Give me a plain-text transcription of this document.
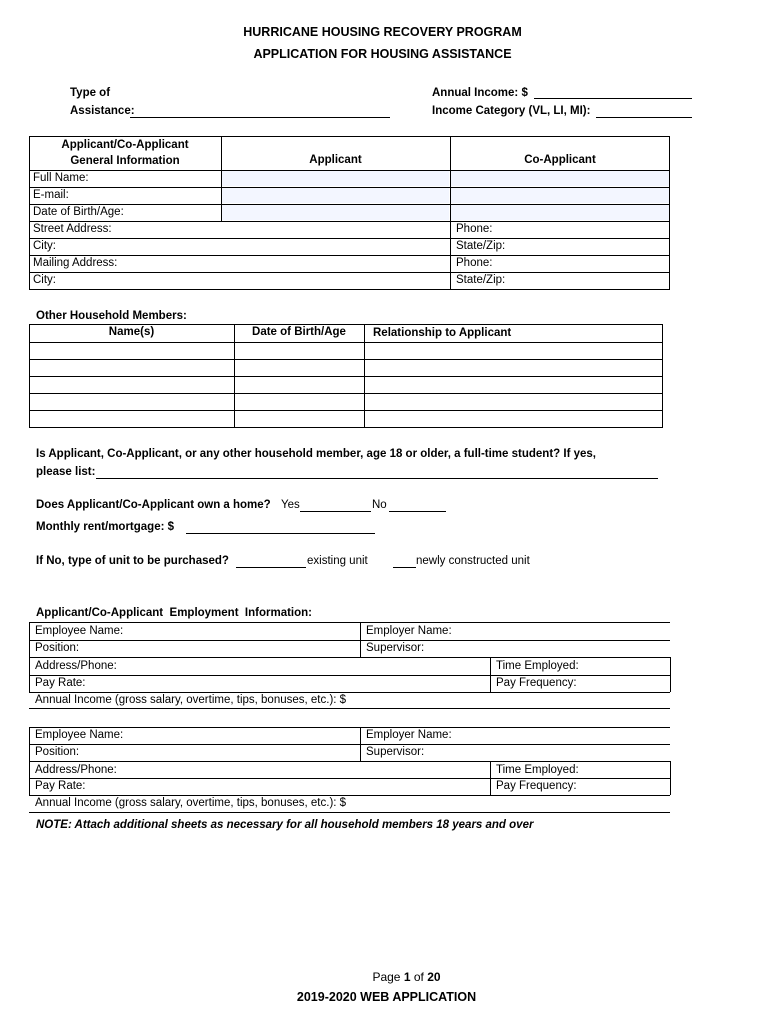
HURRICANE HOUSING RECOVERY PROGRAM
APPLICATION FOR HOUSING ASSISTANCE
Type of
Assistance:
Annual Income: $
Income Category (VL, LI, MI):
Applicant/Co-Applicant
General Information	Applicant	Co-Applicant
Full Name:
E-mail:
Date of Birth/Age:
Street Address:	Phone:
City:	State/Zip:
Mailing Address:	Phone:
City:	State/Zip:
Other Household Members:
Name(s)	Date of Birth/Age	Relationship to Applicant
Is Applicant, Co-Applicant, or any other household member, age 18 or older, a full-time student? If yes,
please list:
Does Applicant/Co-Applicant own a home? Yes	No
Monthly rent/mortgage: $
If No, type of unit to be purchased?	existing unit	newly constructed unit
Applicant/Co-Applicant  Employment  Information:
Employee Name:	Employer Name:
Position:	Supervisor:
Address/Phone:	Time Employed:
Pay Rate:	Pay Frequency:
Annual Income (gross salary, overtime, tips, bonuses, etc.): $
Employee Name:	Employer Name:
Position:	Supervisor:
Address/Phone:	Time Employed:
Pay Rate:	Pay Frequency:
Annual Income (gross salary, overtime, tips, bonuses, etc.): $
NOTE: Attach additional sheets as necessary for all household members 18 years and over
Page 1 of 20
2019-2020 WEB APPLICATION
